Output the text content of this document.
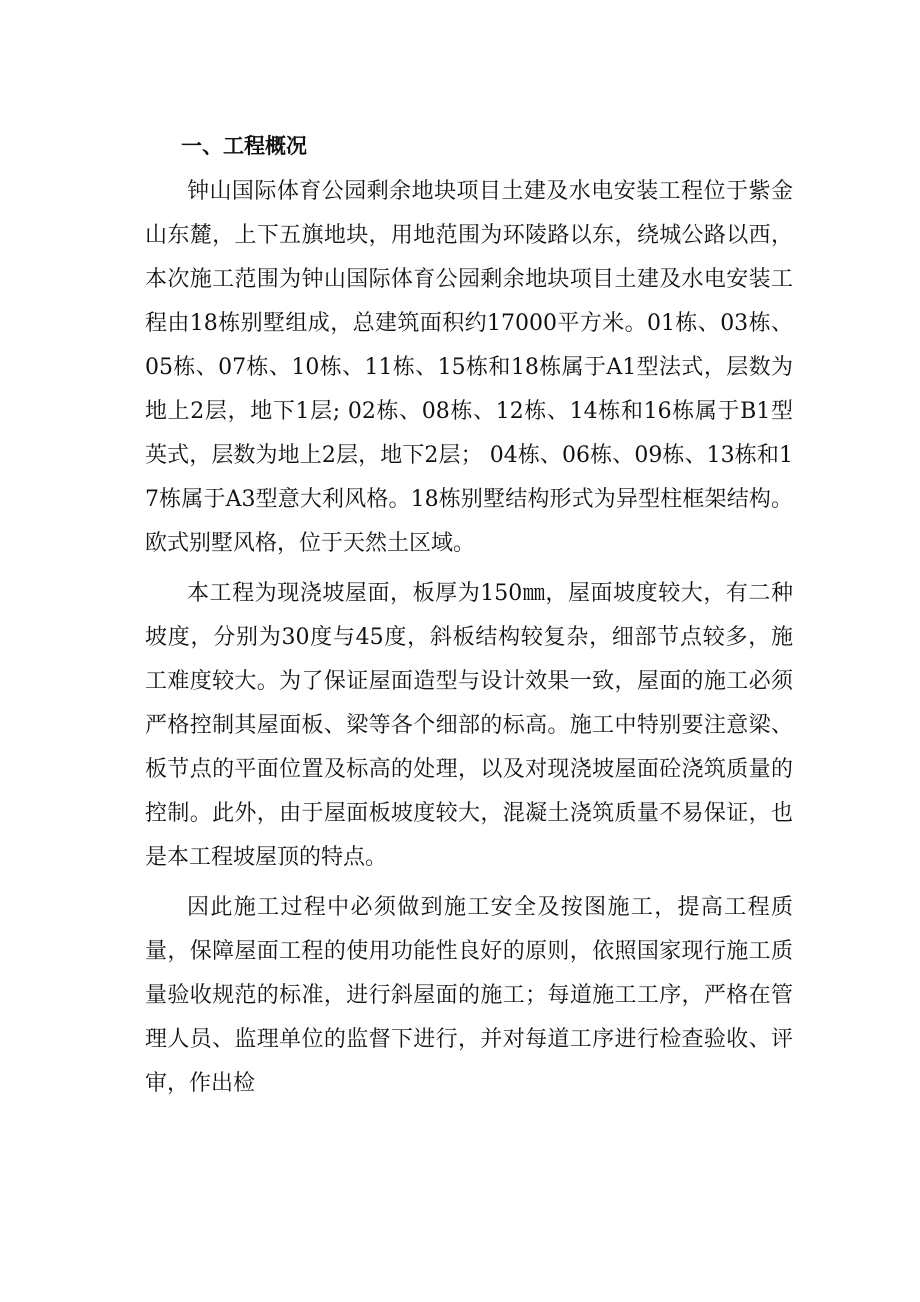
一、工程概况

钟山国际体育公园剩余地块项目土建及水电安装工程位于紫金山东麓，上下五旗地块，用地范围为环陵路以东，绕城公路以西，本次施工范围为钟山国际体育公园剩余地块项目土建及水电安装工程由18栋别墅组成，总建筑面积约17000平方米。01栋、03栋、05栋、07栋、10栋、11栋、15栋和18栋属于A1型法式，层数为地上2层，地下1层; 02栋、08栋、12栋、14栋和16栋属于B1型英式，层数为地上2层，地下2层； 04栋、06栋、09栋、13栋和17栋属于A3型意大利风格。18栋别墅结构形式为异型柱框架结构。欧式别墅风格，位于天然土区域。

本工程为现浇坡屋面，板厚为150㎜，屋面坡度较大，有二种坡度，分别为30度与45度，斜板结构较复杂，细部节点较多，施工难度较大。为了保证屋面造型与设计效果一致，屋面的施工必须严格控制其屋面板、梁等各个细部的标高。施工中特别要注意梁、板节点的平面位置及标高的处理，以及对现浇坡屋面砼浇筑质量的控制。此外，由于屋面板坡度较大，混凝土浇筑质量不易保证，也是本工程坡屋顶的特点。

因此施工过程中必须做到施工安全及按图施工，提高工程质量，保障屋面工程的使用功能性良好的原则，依照国家现行施工质量验收规范的标准，进行斜屋面的施工；每道施工工序，严格在管理人员、监理单位的监督下进行，并对每道工序进行检查验收、评审，作出检
